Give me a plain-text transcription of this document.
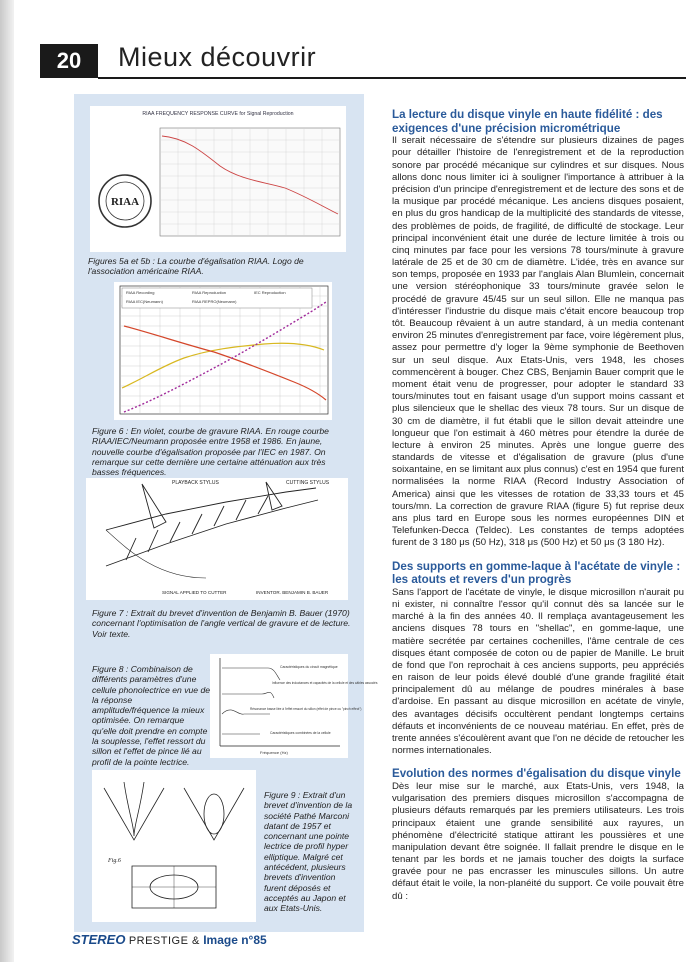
20	Mieux découvrir
RIAA FREQUENCY RESPONSE CURVE for Signal Reproduction
RIAA
Figures 5a et 5b : La courbe d'égalisation RIAA. Logo de l'association américaine RIAA.
RIAA Recording	RIAA Reproduction	IEC Reproduction
RIAA IEC(Neumann)	RIAA REPRO(Neumann)
Figure 6 : En violet, courbe de gravure RIAA. En rouge courbe RIAA/IEC/Neumann proposée entre 1958 et 1986. En jaune, nouvelle courbe d'égalisation proposée par l'IEC en 1987. On remarque sur cette dernière une certaine atténuation aux très basses fréquences.
PLAYBACK STYLUS	CUTTING STYLUS
SIGNAL APPLIED TO CUTTER	INVENTOR. BENJAMIN B. BAUER
Figure 7 : Extrait du brevet d'invention de Benjamin B. Bauer (1970) concernant l'optimisation de l'angle vertical de gravure et de lecture. Voir texte.
Figure 8 : Combinaison de différents paramètres d'une cellule phonolectrice en vue de la réponse amplitude/fréquence la mieux optimisée. On remarque qu'elle doit prendre en compte la souplesse, l'effet ressort du sillon et l'effet de pince lié au profil de la pointe lectrice.
Caractéristiques du circuit magnétique
Influence des inductances et capacités de la cellule et des câbles associés
Résonance basse liée à l'effet ressort du sillon (effet de pince ou "pinch effect")
Caractéristiques combinées de la cellule
Fréquence (Hz)
Fig.6
Figure 9 : Extrait d'un brevet d'invention de la société Pathé Marconi datant de 1957 et concernant une pointe lectrice de profil hyper elliptique. Malgré cet antécédent, plusieurs brevets d'invention furent déposés et acceptés au Japon et aux Etats-Unis.
La lecture du disque vinyle en haute fidélité : des exigences d'une précision micrométrique

Il serait nécessaire de s'étendre sur plusieurs dizaines de pages pour détailler l'histoire de l'enregistrement et de la reproduction sonore par procédé mécanique sur cylindres et sur disques. Nous allons donc nous limiter ici à souligner l'importance à attribuer à la précision d'un principe d'enregistrement et de lecture des sons et de la musique par procédé mécanique. Les anciens disques posaient, en plus du gros handicap de la multiplicité des standards de vitesse, des problèmes de poids, de fragilité, de difficulté de stockage. Leur principal inconvénient était une durée de lecture limitée à trois ou cinq minutes par face pour les versions 78 tours/minute à gravure latérale de 25 et de 30 cm de diamètre. L'idée, très en avance sur son temps, proposée en 1933 par l'anglais Alan Blumlein, concernait une version stéréophonique 33 tours/minute gravée selon le procédé de gravure 45/45 sur un seul sillon. Elle ne manqua pas d'intéresser l'industrie du disque mais c'était encore beaucoup trop tôt. Beaucoup rêvaient à un autre standard, à un media contenant environ 25 minutes d'enregistrement par face, voire légèrement plus, assez pour permettre d'y loger la 9ème symphonie de Beethoven sur un seul disque. Aux Etats-Unis, vers 1948, les choses commencèrent à bouger. Chez CBS, Benjamin Bauer comprit que le moment était venu de progresser, pour adopter le standard 33 tours/minutes tout en faisant usage d'un support moins cassant et plus silencieux que le shellac des vieux 78 tours. Sur un disque de 30 cm de diamètre, il fut établi que le sillon devait atteindre une longueur que l'on estimait à 460 mètres pour étendre la durée de lecture à environ 25 minutes. Après une longue guerre des standards de vitesse et d'égalisation de gravure (plus d'une soixantaine, en se limitant aux plus connus) c'est en 1954 que furent normalisées la norme RIAA (Record Industry Association of America) ainsi que les vitesses de rotation de 33,33 tours et 45 tours/mn. La correction de gravure RIAA (figure 5) fut reprise deux ans plus tard en Europe sous les normes européennes DIN et Telefunken-Decca (Teldec). Les constantes de temps adoptées furent de 3 180 μs (50 Hz), 318 μs (500 Hz) et 50 μs (3 180 Hz).

Des supports en gomme-laque à l'acétate de vinyle : les atouts et revers d'un progrès

Sans l'apport de l'acétate de vinyle, le disque microsillon n'aurait pu ni exister, ni connaître l'essor qu'il connut dès sa lancée sur le marché à la fin des années 40. Il remplaça avantageusement les anciens disques 78 tours en "shellac", en gomme-laque, une matière secrétée par certaines cochenilles, l'âme centrale de ces disques étant composée de coton ou de papier de Manille. Le bruit de fond que l'on reprochait à ces anciens supports, peu appréciés en raison de leur poids élevé doublé d'une grande fragilité était principalement dû au mélange de poudres minérales à base d'ardoise. En passant au disque microsillon en acétate de vinyle, des avantages décisifs occultèrent pendant longtemps certains défauts et inconvénients de ce nouveau matériau. En effet, près de trente années s'écoulèrent avant que l'on ne décide de retoucher les normes internationales.

Evolution des normes d'égalisation du disque vinyle

Dès leur mise sur le marché, aux Etats-Unis, vers 1948, la vulgarisation des premiers disques microsillon s'accompagna de plusieurs défauts remarqués par les premiers utilisateurs. Les trois principaux étaient une grande sensibilité aux rayures, un phénomène d'électricité statique attirant les poussières et une manipulation devant être soignée. Il fallait prendre le disque en le tenant par les bords et ne jamais toucher des doigts la surface gravée pour ne pas encrasser les minuscules sillons. Un autre défaut était le voile, la non-planéité du support. Ce voile pouvait être dû :

STEREO PRESTIGE & Image n°85
